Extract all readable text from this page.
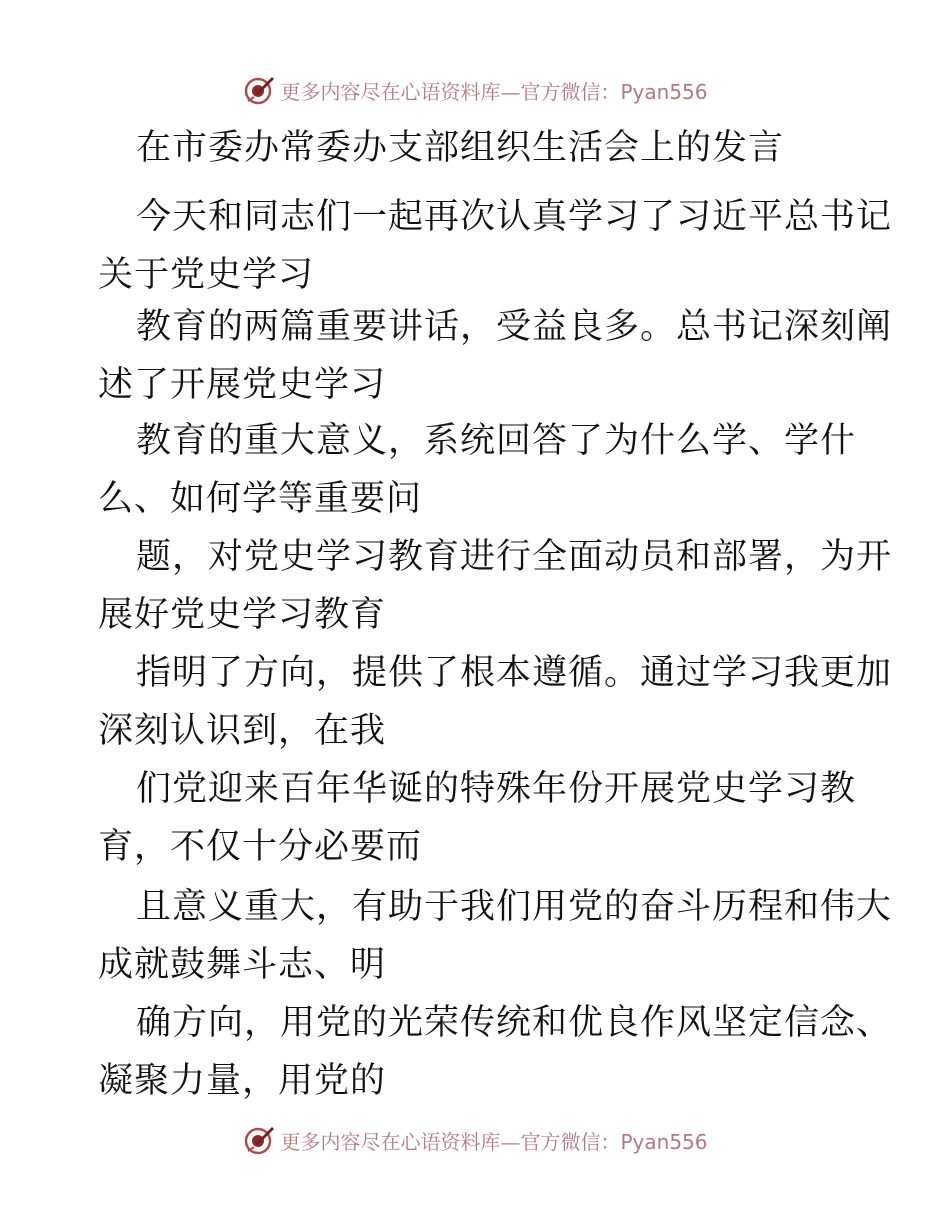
更多内容尽在心语资料库—官方微信：Pyan556
在市委办常委办支部组织生活会上的发言
今天和同志们一起再次认真学习了习近平总书记
关于党史学习
教育的两篇重要讲话，受益良多。总书记深刻阐
述了开展党史学习
教育的重大意义，系统回答了为什么学、学什
么、如何学等重要问
题，对党史学习教育进行全面动员和部署，为开
展好党史学习教育
指明了方向，提供了根本遵循。通过学习我更加
深刻认识到，在我
们党迎来百年华诞的特殊年份开展党史学习教
育，不仅十分必要而
且意义重大，有助于我们用党的奋斗历程和伟大
成就鼓舞斗志、明
确方向，用党的光荣传统和优良作风坚定信念、
凝聚力量，用党的
更多内容尽在心语资料库—官方微信：Pyan556
